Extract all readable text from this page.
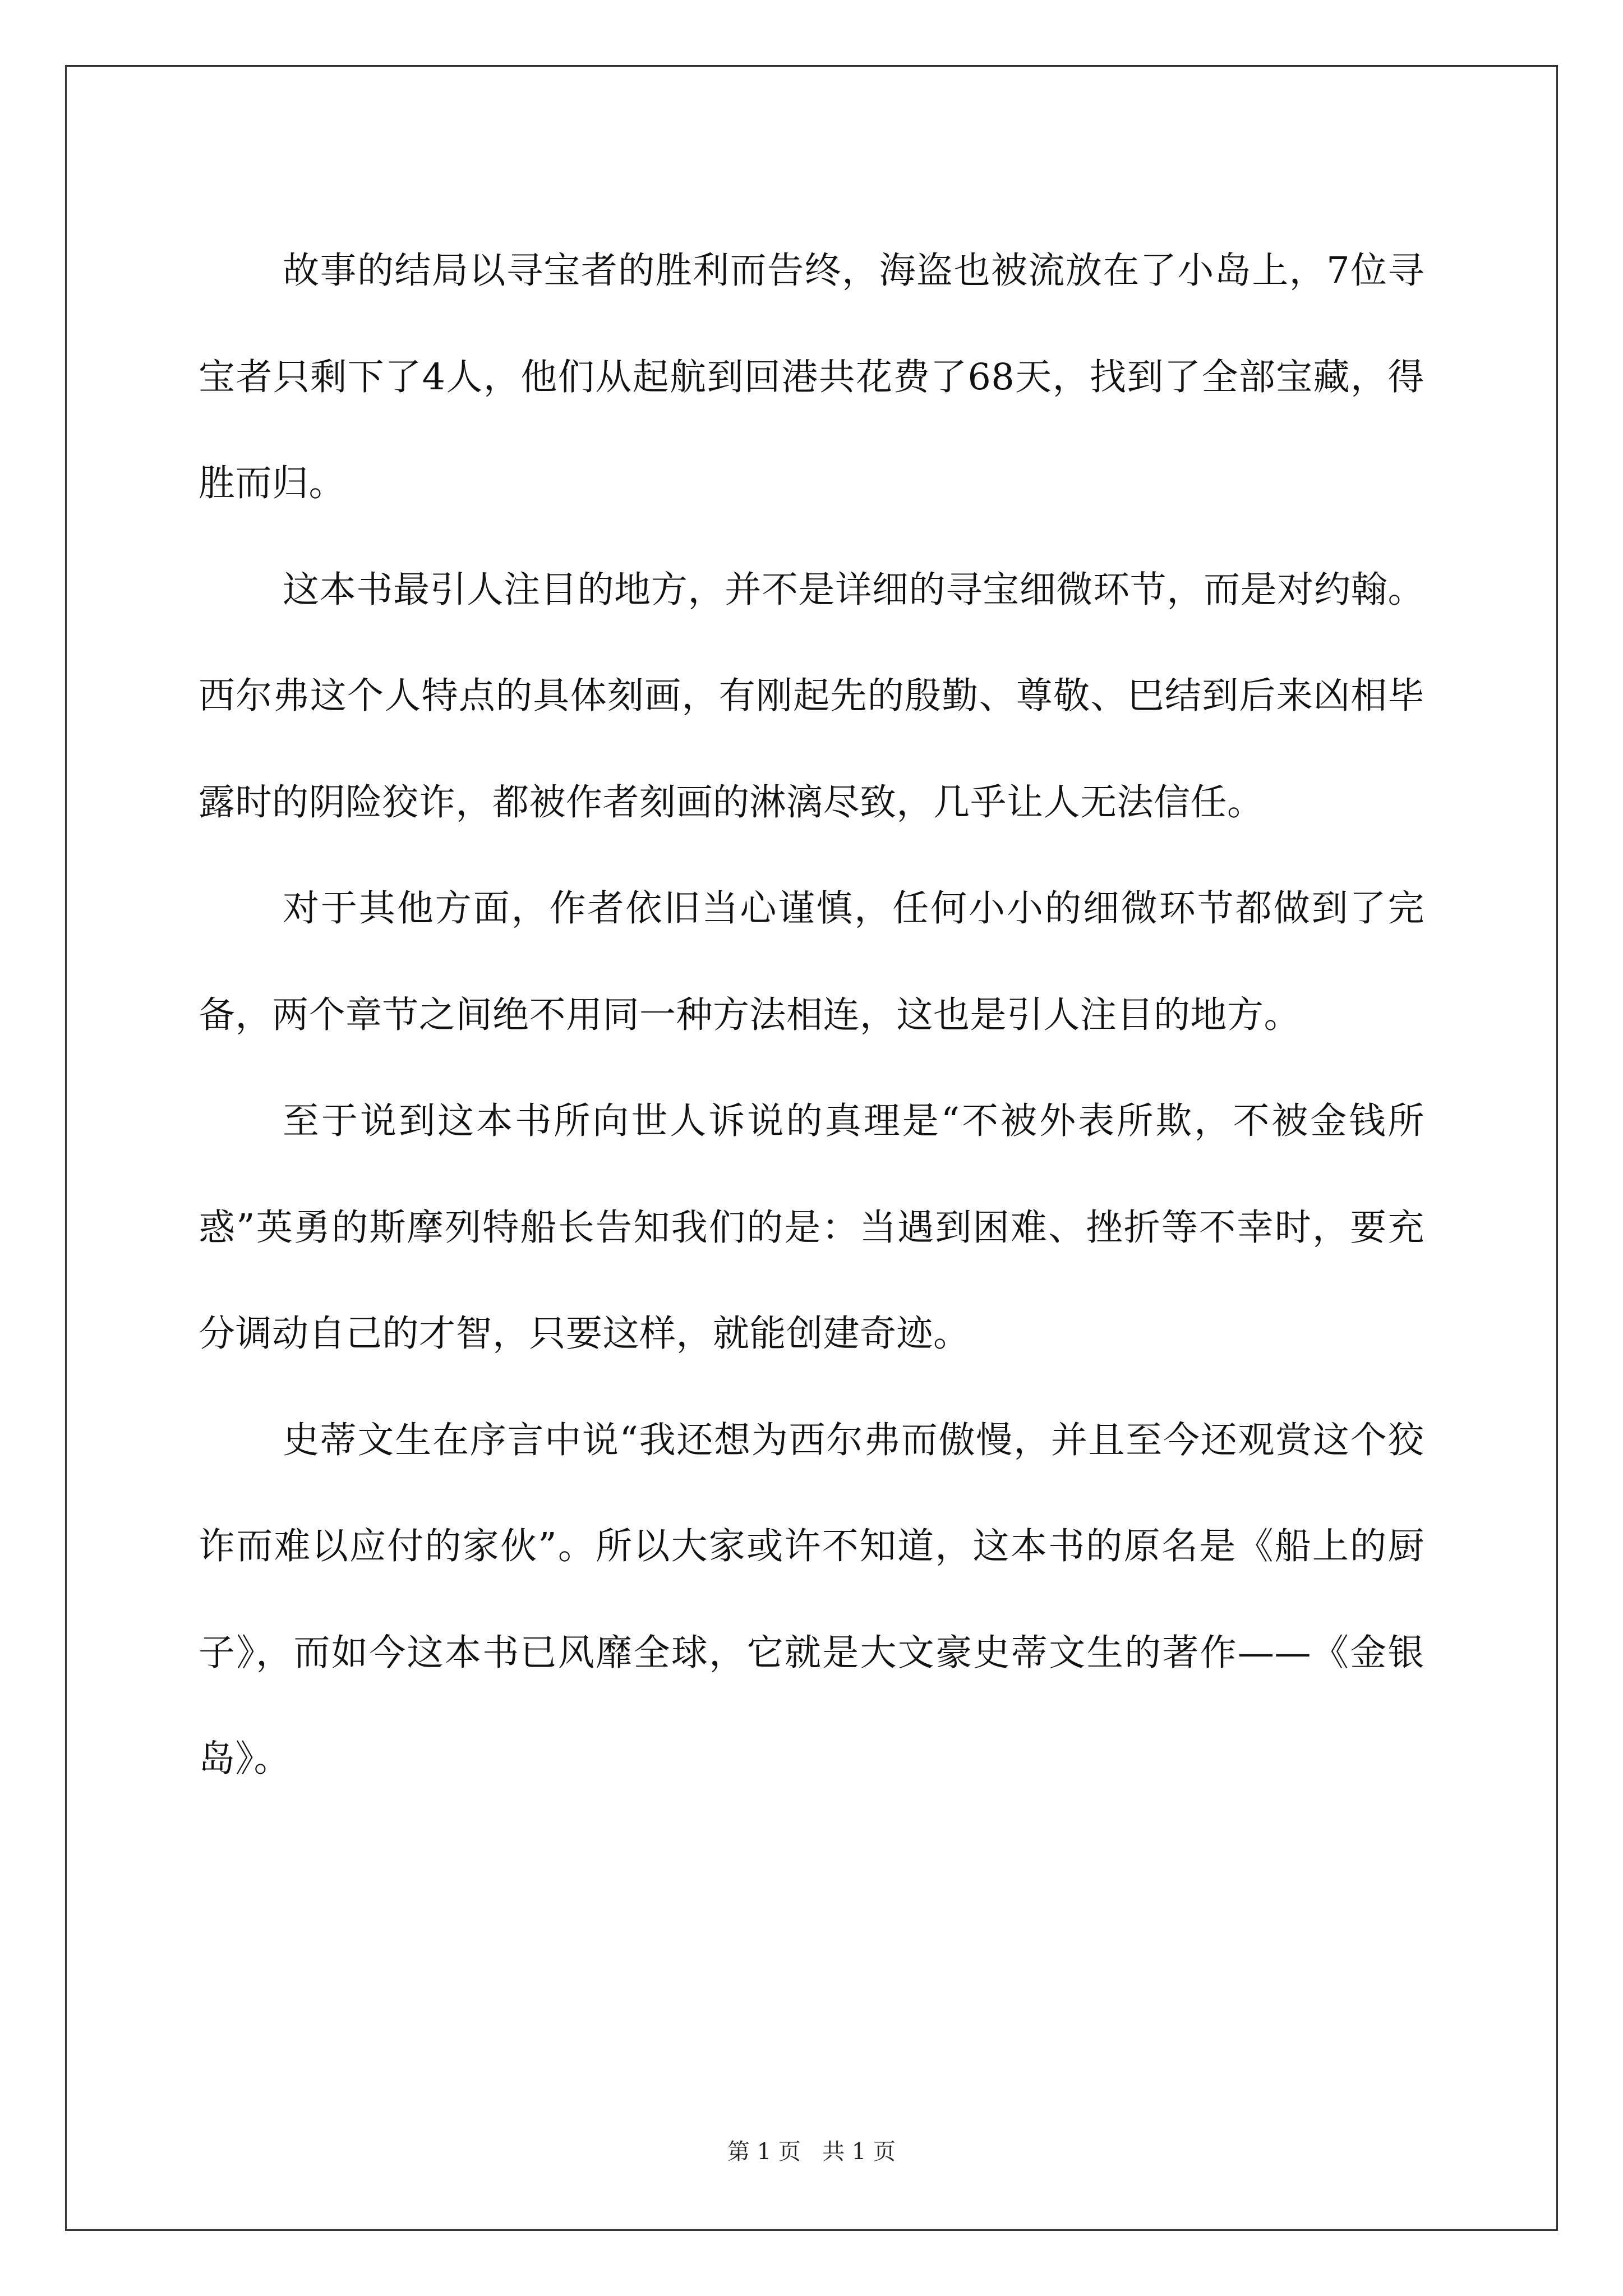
故事的结局以寻宝者的胜利而告终，海盗也被流放在了小岛上，7位寻宝者只剩下了4人，他们从起航到回港共花费了68天，找到了全部宝藏，得胜而归。

这本书最引人注目的地方，并不是详细的寻宝细微环节，而是对约翰。西尔弗这个人特点的具体刻画，有刚起先的殷勤、尊敬、巴结到后来凶相毕露时的阴险狡诈，都被作者刻画的淋漓尽致，几乎让人无法信任。

对于其他方面，作者依旧当心谨慎，任何小小的细微环节都做到了完备，两个章节之间绝不用同一种方法相连，这也是引人注目的地方。

至于说到这本书所向世人诉说的真理是“不被外表所欺，不被金钱所惑”英勇的斯摩列特船长告知我们的是：当遇到困难、挫折等不幸时，要充分调动自己的才智，只要这样，就能创建奇迹。

史蒂文生在序言中说“我还想为西尔弗而傲慢，并且至今还观赏这个狡诈而难以应付的家伙”。所以大家或许不知道，这本书的原名是《船上的厨子》，而如今这本书已风靡全球，它就是大文豪史蒂文生的著作——《金银岛》。

第 1 页 共 1 页
